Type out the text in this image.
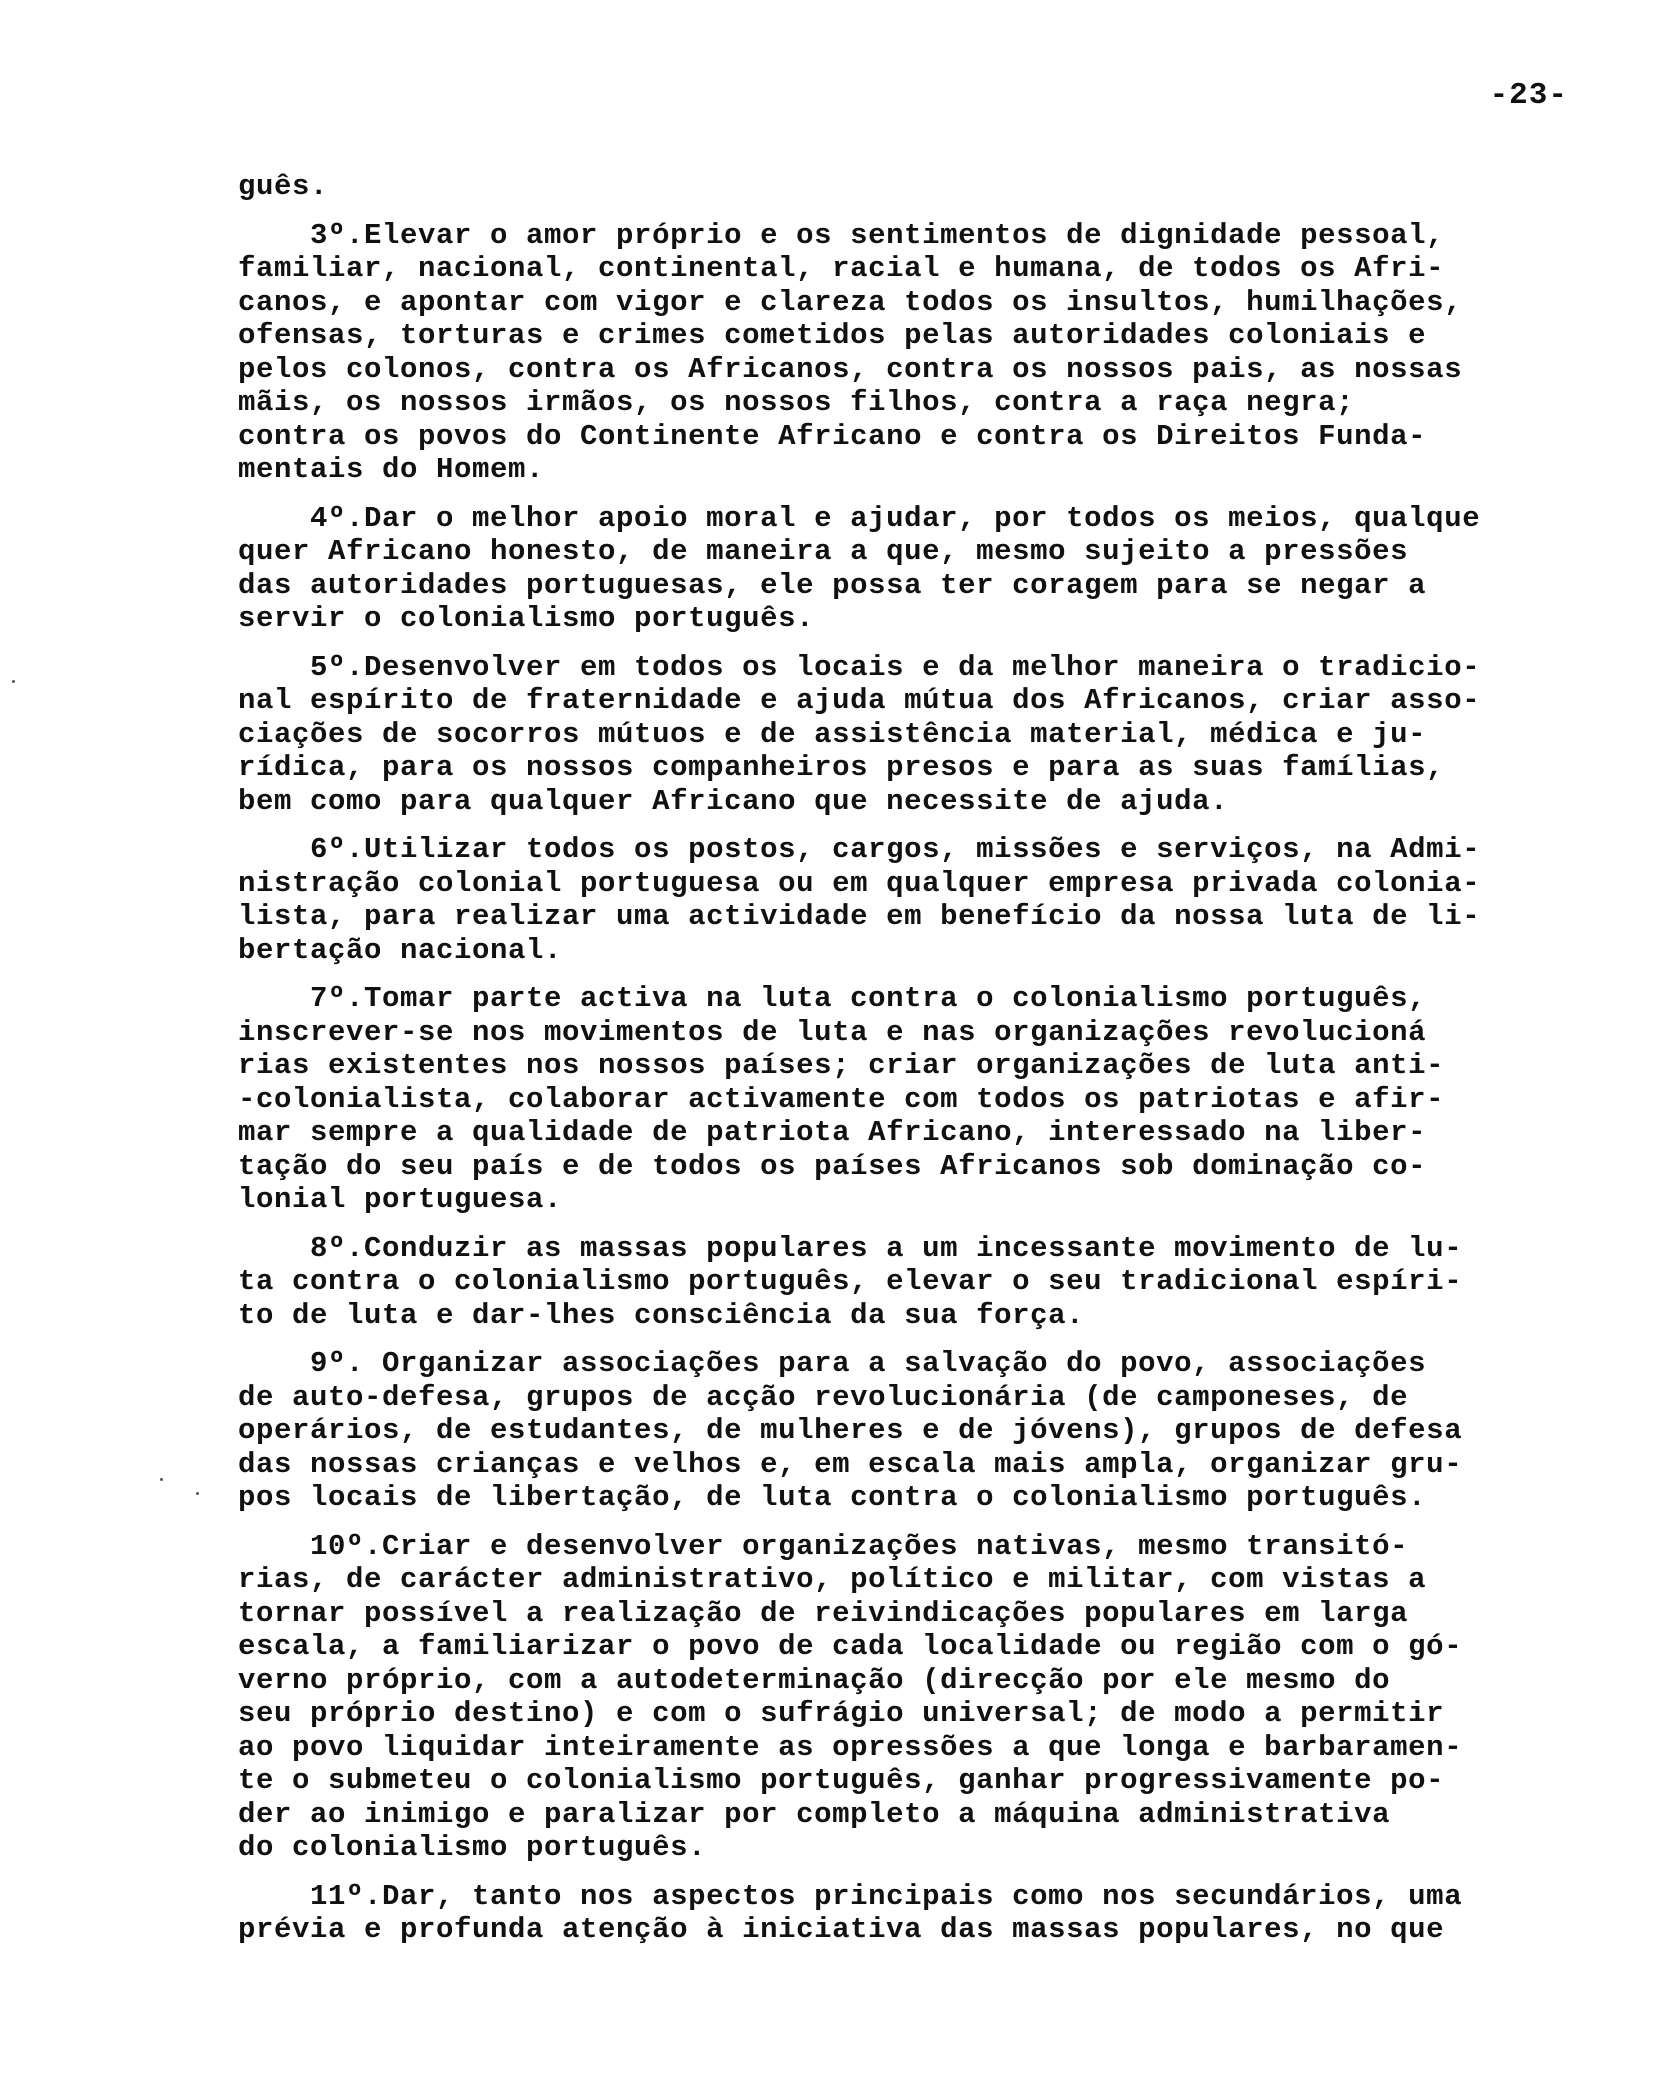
-23-
guês.
3º.Elevar o amor próprio e os sentimentos de dignidade pessoal,
familiar, nacional, continental, racial e humana, de todos os Afri-
canos, e apontar com vigor e clareza todos os insultos, humilhações,
ofensas, torturas e crimes cometidos pelas autoridades coloniais e
pelos colonos, contra os Africanos, contra os nossos pais, as nossas
mãis, os nossos irmãos, os nossos filhos, contra a raça negra;
contra os povos do Continente Africano e contra os Direitos Funda-
mentais do Homem.
4º.Dar o melhor apoio moral e ajudar, por todos os meios, qualque
quer Africano honesto, de maneira a que, mesmo sujeito a pressões
das autoridades portuguesas, ele possa ter coragem para se negar a
servir o colonialismo português.
5º.Desenvolver em todos os locais e da melhor maneira o tradicio-
nal espírito de fraternidade e ajuda mútua dos Africanos, criar asso-
ciações de socorros mútuos e de assistência material, médica e ju-
rídica, para os nossos companheiros presos e para as suas famílias,
bem como para qualquer Africano que necessite de ajuda.
6º.Utilizar todos os postos, cargos, missões e serviços, na Admi-
nistração colonial portuguesa ou em qualquer empresa privada colonia-
lista, para realizar uma actividade em benefício da nossa luta de li-
bertação nacional.
7º.Tomar parte activa na luta contra o colonialismo português,
inscrever-se nos movimentos de luta e nas organizações revolucioná
rias existentes nos nossos países; criar organizações de luta anti-
-colonialista, colaborar activamente com todos os patriotas e afir-
mar sempre a qualidade de patriota Africano, interessado na liber-
tação do seu país e de todos os países Africanos sob dominação co-
lonial portuguesa.
8º.Conduzir as massas populares a um incessante movimento de lu-
ta contra o colonialismo português, elevar o seu tradicional espíri-
to de luta e dar-lhes consciência da sua força.
9º. Organizar associações para a salvação do povo, associações
de auto-defesa, grupos de acção revolucionária (de camponeses, de
operários, de estudantes, de mulheres e de jóvens), grupos de defesa
das nossas crianças e velhos e, em escala mais ampla, organizar gru-
pos locais de libertação, de luta contra o colonialismo português.
10º.Criar e desenvolver organizações nativas, mesmo transitó-
rias, de carácter administrativo, político e militar, com vistas a
tornar possível a realização de reivindicações populares em larga
escala, a familiarizar o povo de cada localidade ou região com o gó-
verno próprio, com a autodeterminação (direcção por ele mesmo do
seu próprio destino) e com o sufrágio universal; de modo a permitir
ao povo liquidar inteiramente as opressões a que longa e barbaramen-
te o submeteu o colonialismo português, ganhar progressivamente po-
der ao inimigo e paralizar por completo a máquina administrativa
do colonialismo português.
11º.Dar, tanto nos aspectos principais como nos secundários, uma
prévia e profunda atenção à iniciativa das massas populares, no que
